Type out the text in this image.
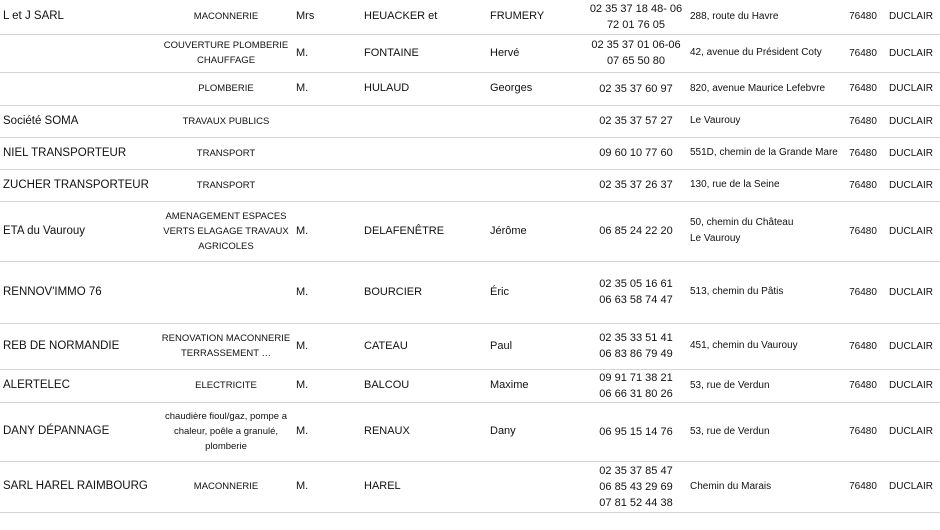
L et J SARL	MACONNERIE	Mrs	HEUACKER et	FRUMERY	02 35 37 18 48- 06
72 01 76 05	288, route du Havre	76480	DUCLAIR

	COUVERTURE PLOMBERIE
CHAUFFAGE	M.	FONTAINE	Hervé	02 35 37 01 06-06
07 65 50 80	42, avenue du Président Coty	76480	DUCLAIR

	PLOMBERIE	M.	HULAUD	Georges	02 35 37 60 97	820, avenue Maurice Lefebvre	76480	DUCLAIR
Société SOMA	TRAVAUX PUBLICS				02 35 37 57 27	Le Vaurouy	76480	DUCLAIR
NIEL TRANSPORTEUR	TRANSPORT				09 60 10 77 60	551D, chemin de la Grande Mare	76480	DUCLAIR
ZUCHER TRANSPORTEUR	TRANSPORT				02 35 37 26 37	130, rue de la Seine	76480	DUCLAIR
ETA du Vaurouy	AMENAGEMENT ESPACES
VERTS ELAGAGE TRAVAUX
AGRICOLES	M.	DELAFENÊTRE	Jérôme	06 85 24 22 20	50, chemin du Château
Le Vaurouy	76480	DUCLAIR
RENNOV'IMMO 76		M.	BOURCIER	Éric	02 35 05 16 61
06 63 58 74 47	513, chemin du Pâtis	76480	DUCLAIR
REB DE NORMANDIE	RENOVATION MACONNERIE
TERRASSEMENT …	M.	CATEAU	Paul	02 35 33 51 41
06 83 86 79 49	451, chemin du Vaurouy	76480	DUCLAIR
ALERTELEC	ELECTRICITE	M.	BALCOU	Maxime	09 91 71 38 21
06 66 31 80 26	53, rue de Verdun	76480	DUCLAIR
DANY DÉPANNAGE	chaudière fioul/gaz, pompe a
chaleur, poêle a granulé,
plomberie	M.	RENAUX	Dany	06 95 15 14 76	53, rue de Verdun	76480	DUCLAIR
SARL HAREL RAIMBOURG	MACONNERIE	M.	HAREL		02 35 37 85 47
06 85 43 29 69
07 81 52 44 38	Chemin du Marais	76480	DUCLAIR
